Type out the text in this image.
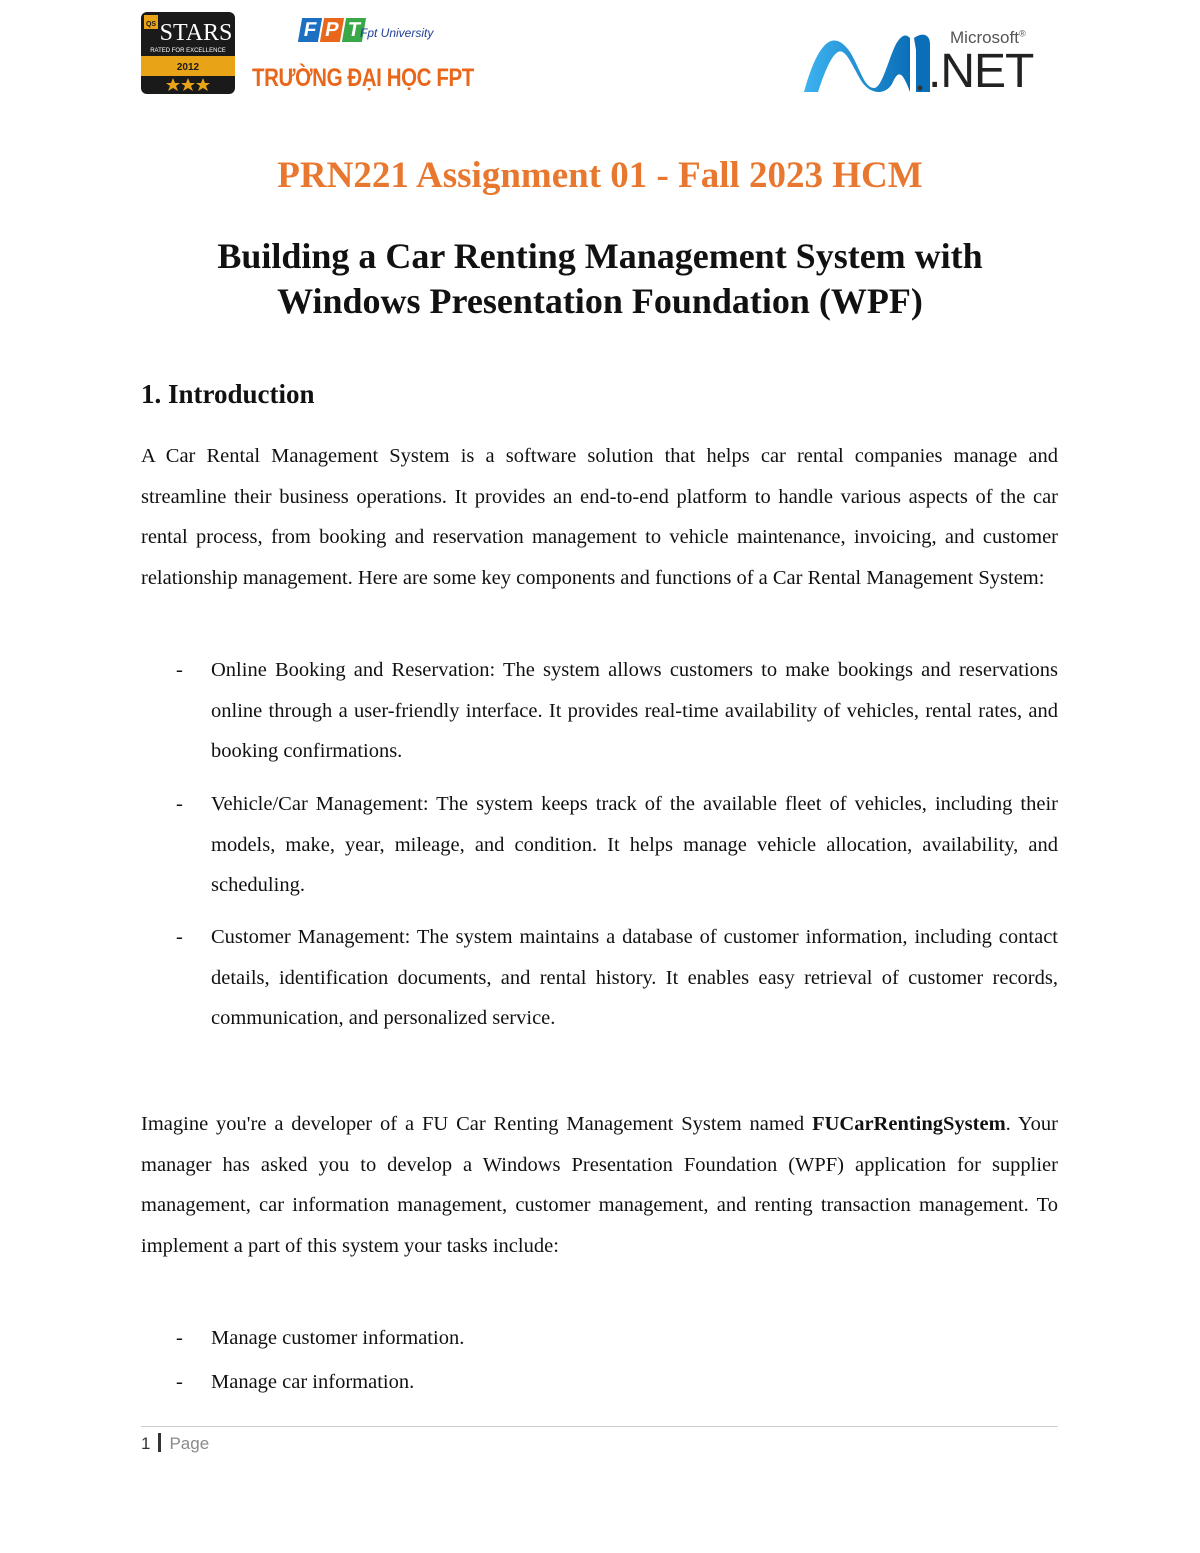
QS STARS
RATED FOR EXCELLENCE
2012
F P T
Fpt University
TRƯỜNG ĐẠI HỌC FPT
Microsoft®
.NET
PRN221 Assignment 01 - Fall 2023 HCM
Building a Car Renting Management System with
Windows Presentation Foundation (WPF)
1. Introduction

A Car Rental Management System is a software solution that helps car rental companies manage and streamline their business operations. It provides an end-to-end platform to handle various aspects of the car rental process, from booking and reservation management to vehicle maintenance, invoicing, and customer relationship management. Here are some key components and functions of a Car Rental Management System:

- Online Booking and Reservation: The system allows customers to make bookings and reservations online through a user-friendly interface. It provides real-time availability of vehicles, rental rates, and booking confirmations.
- Vehicle/Car Management: The system keeps track of the available fleet of vehicles, including their models, make, year, mileage, and condition. It helps manage vehicle allocation, availability, and scheduling.
- Customer Management: The system maintains a database of customer information, including contact details, identification documents, and rental history. It enables easy retrieval of customer records, communication, and personalized service.

Imagine you're a developer of a FU Car Renting Management System named FUCarRentingSystem. Your manager has asked you to develop a Windows Presentation Foundation (WPF) application for supplier management, car information management, customer management, and renting transaction management. To implement a part of this system your tasks include:

- Manage customer information.
- Manage car information.
1 Page
